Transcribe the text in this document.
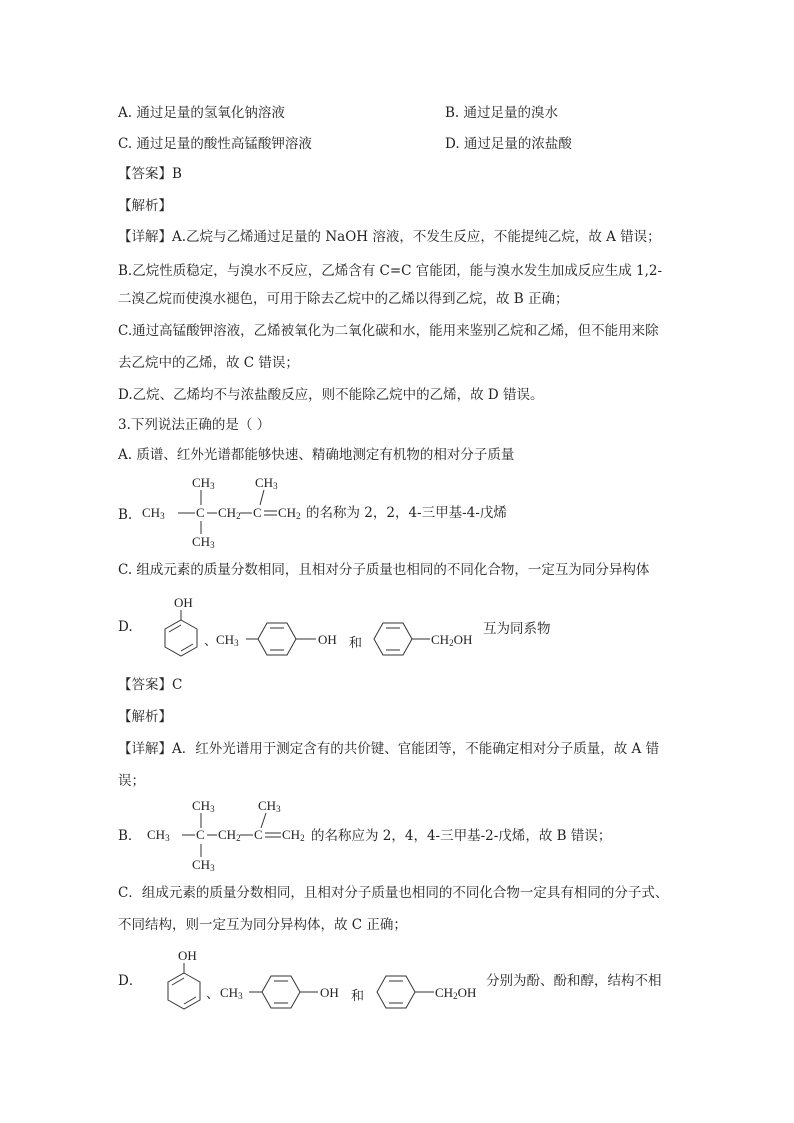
A. 通过足量的氢氧化钠溶液	B. 通过足量的溴水
C. 通过足量的酸性高锰酸钾溶液	D. 通过足量的浓盐酸
【答案】B
【解析】
【详解】A.乙烷与乙烯通过足量的 NaOH 溶液，不发生反应，不能提纯乙烷，故 A 错误；
B.乙烷性质稳定，与溴水不反应，乙烯含有 C=C 官能团，能与溴水发生加成反应生成 1,2-
二溴乙烷而使溴水褪色，可用于除去乙烷中的乙烯以得到乙烷，故 B 正确；
C.通过高锰酸钾溶液，乙烯被氧化为二氧化碳和水，能用来鉴别乙烷和乙烯，但不能用来除
去乙烷中的乙烯，故 C 错误；
D.乙烷、乙烯均不与浓盐酸反应，则不能除乙烷中的乙烯，故 D 错误。
3.下列说法正确的是（ ）
A. 质谱、红外光谱都能够快速、精确地测定有机物的相对分子质量
B.
$CH_3$
$CH_3$ C $CH_2$ C $CH_2$
$CH_3$
$CH_3$
的名称为 2，2，4-三甲基-4-戊烯
C. 组成元素的质量分数相同，且相对分子质量也相同的不同化合物，一定互为同分异构体
D.
OH
、
$CH_3$	OH 和	$CH_2OH$
互为同系物
【答案】C
【解析】
【详解】A．红外光谱用于测定含有的共价键、官能团等，不能确定相对分子质量，故 A 错
误；
B．
$CH_3$
$CH_3$ C $CH_2$ C $CH_2$
$CH_3$
$CH_3$
的名称应为 2，4，4-三甲基-2-戊烯，故 B 错误；
C．组成元素的质量分数相同，且相对分子质量也相同的不同化合物一定具有相同的分子式、
不同结构，则一定互为同分异构体，故 C 正确；
D．
OH
、 $CH_3$	OH 和	$CH_2OH$
分别为酚、酚和醇，结构不相
